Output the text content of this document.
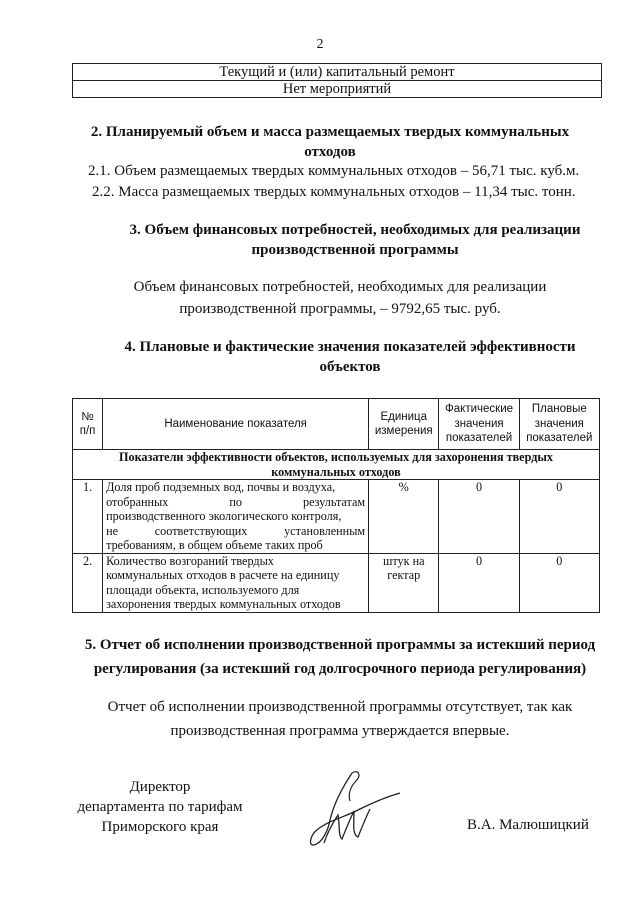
2
Текущий и (или) капитальный ремонт
Нет мероприятий
2. Планируемый объем и масса размещаемых твердых коммунальных
отходов
2.1. Объем размещаемых твердых коммунальных отходов – 56,71 тыс. куб.м.
2.2. Масса размещаемых твердых коммунальных отходов – 11,34 тыс. тонн.
3. Объем финансовых потребностей, необходимых для реализации
производственной программы
Объем финансовых потребностей, необходимых для реализации
производственной программы, – 9792,65 тыс. руб.
4. Плановые и фактические значения показателей эффективности
объектов
№ п/п	Наименование показателя	Единица измерения	Фактические значения показателей	Плановые значения показателей
Показатели эффективности объектов, используемых для захоронения твердых коммунальных отходов				
1.	Доля проб подземных вод, почвы и воздуха,
отобранных по результатам
производственного экологического контроля,
не соответствующих установленным
требованиям, в общем объеме таких проб	%	0	0
2.	Количество возгораний твердых
коммунальных отходов в расчете на единицу
площади объекта, используемого для
захоронения твердых коммунальных отходов	штук на гектар	0	0
5. Отчет об исполнении производственной программы за истекший период
регулирования (за истекший год долгосрочного периода регулирования)
Отчет об исполнении производственной программы отсутствует, так как
производственная программа утверждается впервые.
Директор
департамента по тарифам
Приморского края	В.А. Малюшицкий
